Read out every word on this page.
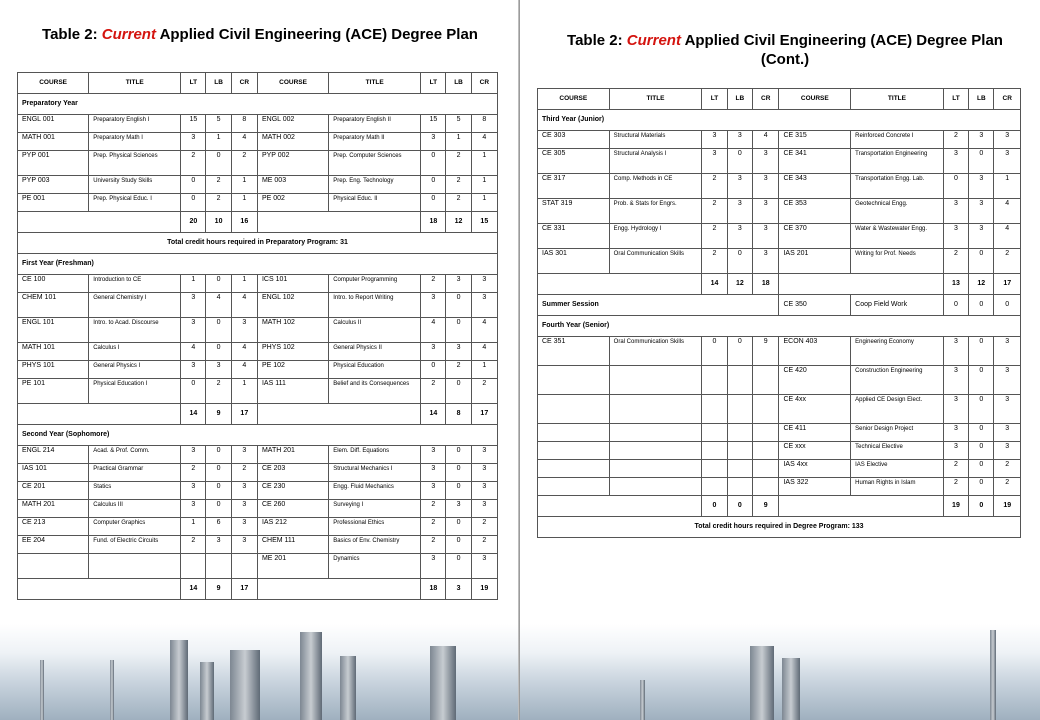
Table 2: Current Applied Civil Engineering (ACE) Degree Plan
COURSE	TITLE	LT	LB	CR	COURSE	TITLE	LT	LB	CR
Preparatory Year									
ENGL 001	Preparatory English I	15	5	8	ENGL 002	Preparatory English II	15	5	8
MATH 001	Preparatory Math I	3	1	4	MATH 002	Preparatory Math II	3	1	4
PYP 001	Prep. Physical Sciences	2	0	2	PYP 002	Prep. Computer Sciences	0	2	1
PYP 003	University Study Skills	0	2	1	ME 003	Prep. Eng. Technology	0	2	1
PE 001	Prep. Physical Educ. I	0	2	1	PE 002	Physical Educ. II	0	2	1
		20	10	16			18	12	15
Total credit hours required in Preparatory Program: 31									
First Year (Freshman)									
CE 100	Introduction to CE	1	0	1	ICS 101	Computer Programming	2	3	3
CHEM 101	General Chemistry I	3	4	4	ENGL 102	Intro. to Report Writing	3	0	3
ENGL 101	Intro. to Acad. Discourse	3	0	3	MATH 102	Calculus II	4	0	4
MATH 101	Calculus I	4	0	4	PHYS 102	General Physics II	3	3	4
PHYS 101	General Physics I	3	3	4	PE 102	Physical Education	0	2	1
PE 101	Physical Education I	0	2	1	IAS 111	Belief and its Consequences	2	0	2
		14	9	17			14	8	17
Second Year (Sophomore)									
ENGL 214	Acad. & Prof. Comm.	3	0	3	MATH 201	Elem. Diff. Equations	3	0	3
IAS 101	Practical Grammar	2	0	2	CE 203	Structural Mechanics I	3	0	3
CE 201	Statics	3	0	3	CE 230	Engg. Fluid Mechanics	3	0	3
MATH 201	Calculus III	3	0	3	CE 260	Surveying I	2	3	3
CE 213	Computer Graphics	1	6	3	IAS 212	Professional Ethics	2	0	2
EE 204	Fund. of Electric Circuits	2	3	3	CHEM 111	Basics of Env. Chemistry	2	0	2
					ME 201	Dynamics	3	0	3
		14	9	17			18	3	19
Table 2: Current Applied Civil Engineering (ACE) Degree Plan
(Cont.)
COURSE	TITLE	LT	LB	CR	COURSE	TITLE	LT	LB	CR
Third Year (Junior)									
CE 303	Structural Materials	3	3	4	CE 315	Reinforced Concrete I	2	3	3
CE 305	Structural Analysis I	3	0	3	CE 341	Transportation Engineering	3	0	3
CE 317	Comp. Methods in CE	2	3	3	CE 343	Transportation Engg. Lab.	0	3	1
STAT 319	Prob. & Stats for Engrs.	2	3	3	CE 353	Geotechnical Engg.	3	3	4
CE 331	Engg. Hydrology I	2	3	3	CE 370	Water & Wastewater Engg.	3	3	4
IAS 301	Oral Communication Skills	2	0	3	IAS 201	Writing for Prof. Needs	2	0	2
		14	12	18			13	12	17
Summer Session					CE 350	Coop Field Work	0	0	0
Fourth Year (Senior)									
CE 351	Oral Communication Skills	0	0	9	ECON 403	Engineering Economy	3	0	3
					CE 420	Construction Engineering	3	0	3
					CE 4xx	Applied CE Design Elect.	3	0	3
					CE 411	Senior Design Project	3	0	3
					CE xxx	Technical Elective	3	0	3
					IAS 4xx	IAS Elective	2	0	2
					IAS 322	Human Rights in Islam	2	0	2
		0	0	9			19	0	19
Total credit hours required in Degree Program: 133									
